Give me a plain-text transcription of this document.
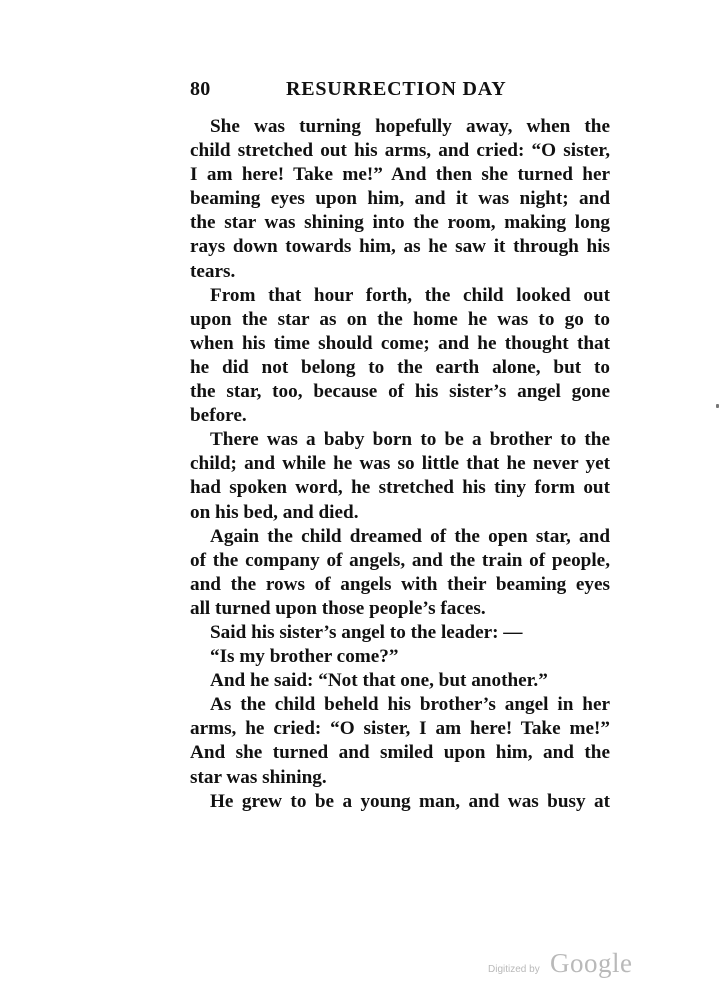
80	RESURRECTION DAY
She was turning hopefully away, when the
child stretched out his arms, and cried: “O sister,
I am here! Take me!” And then she turned her
beaming eyes upon him, and it was night; and
the star was shining into the room, making long
rays down towards him, as he saw it through his
tears.
From that hour forth, the child looked out
upon the star as on the home he was to go to
when his time should come; and he thought that
he did not belong to the earth alone, but to
the star, too, because of his sister’s angel gone
before.
There was a baby born to be a brother to the
child; and while he was so little that he never yet
had spoken word, he stretched his tiny form out
on his bed, and died.
Again the child dreamed of the open star, and
of the company of angels, and the train of people,
and the rows of angels with their beaming eyes
all turned upon those people’s faces.
Said his sister’s angel to the leader: —
“Is my brother come?”
And he said: “Not that one, but another.”
As the child beheld his brother’s angel in her
arms, he cried: “O sister, I am here! Take me!”
And she turned and smiled upon him, and the
star was shining.
He grew to be a young man, and was busy at
Digitized by Google
